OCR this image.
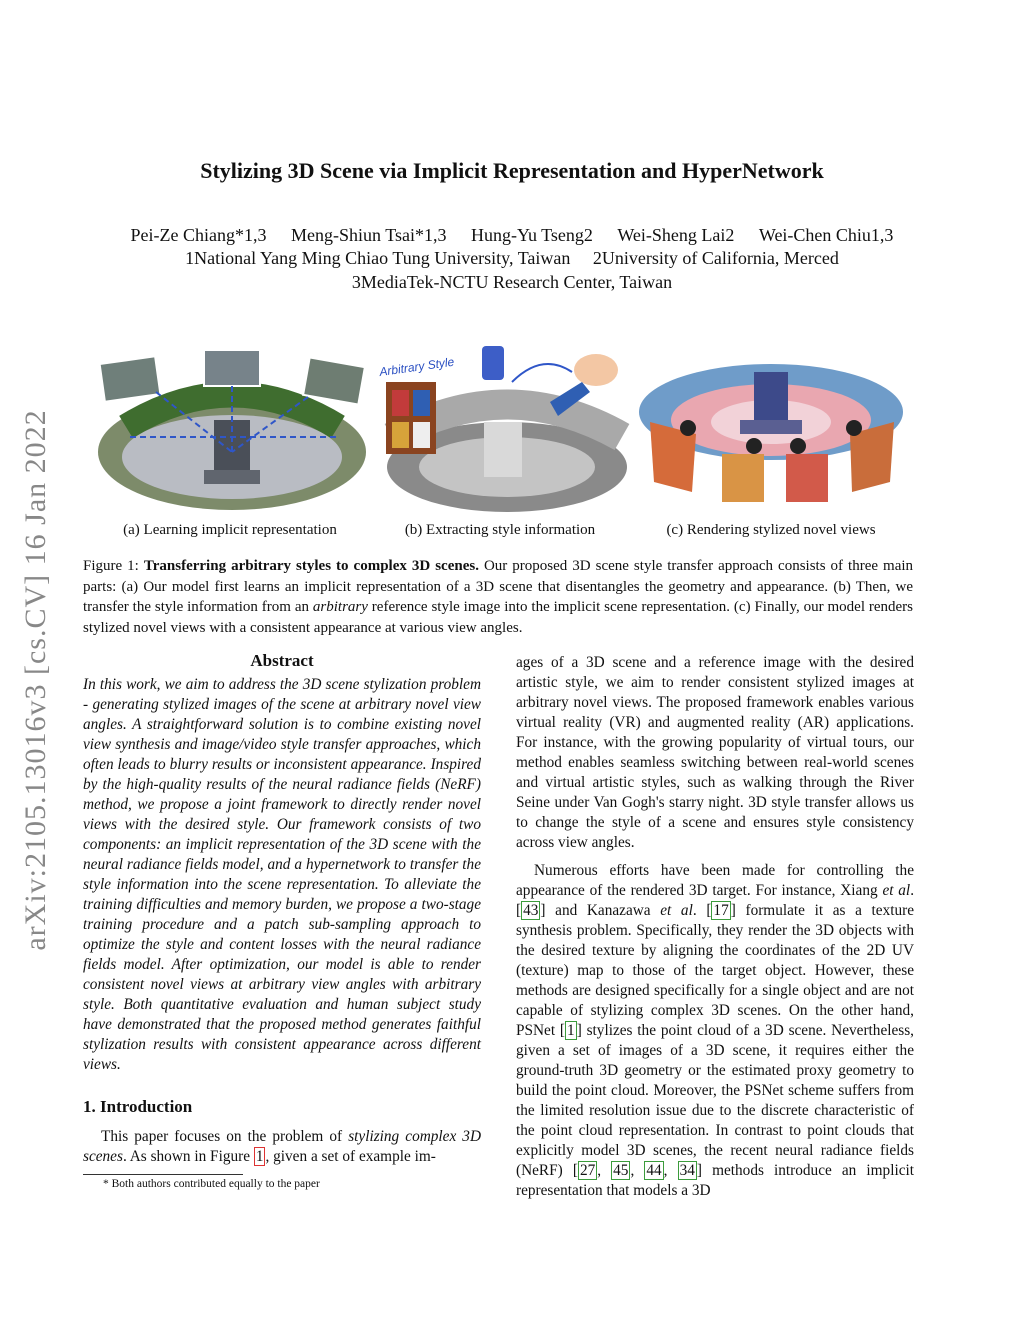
arXiv:2105.13016v3 [cs.CV] 16 Jan 2022
Stylizing 3D Scene via Implicit Representation and HyperNetwork
Pei-Ze Chiang*1,3 Meng-Shiun Tsai*1,3 Hung-Yu Tseng2 Wei-Sheng Lai2 Wei-Chen Chiu1,3
1National Yang Ming Chiao Tung University, Taiwan     2University of California, Merced
3MediaTek-NCTU Research Center, Taiwan
Arbitrary Style
(a) Learning implicit representation	(b) Extracting style information	(c) Rendering stylized novel views
Figure 1: Transferring arbitrary styles to complex 3D scenes. Our proposed 3D scene style transfer approach consists of three main parts: (a) Our model first learns an implicit representation of a 3D scene that disentangles the geometry and appearance. (b) Then, we transfer the style information from an arbitrary reference style image into the implicit scene representation. (c) Finally, our model renders stylized novel views with a consistent appearance at various view angles.
Abstract
In this work, we aim to address the 3D scene stylization problem - generating stylized images of the scene at arbitrary novel view angles. A straightforward solution is to combine existing novel view synthesis and image/video style transfer approaches, which often leads to blurry results or inconsistent appearance. Inspired by the high-quality results of the neural radiance fields (NeRF) method, we propose a joint framework to directly render novel views with the desired style. Our framework consists of two components: an implicit representation of the 3D scene with the neural radiance fields model, and a hypernetwork to transfer the style information into the scene representation. To alleviate the training difficulties and memory burden, we propose a two-stage training procedure and a patch sub-sampling approach to optimize the style and content losses with the neural radiance fields model. After optimization, our model is able to render consistent novel views at arbitrary view angles with arbitrary style. Both quantitative evaluation and human subject study have demonstrated that the proposed method generates faithful stylization results with consistent appearance across different views.
1. Introduction
This paper focuses on the problem of stylizing complex 3D scenes. As shown in Figure 1 , given a set of example im-
* Both authors contributed equally to the paper

ages of a 3D scene and a reference image with the desired artistic style, we aim to render consistent stylized images at arbitrary novel views. The proposed framework enables various virtual reality (VR) and augmented reality (AR) applications. For instance, with the growing popularity of virtual tours, our method enables seamless switching between real-world scenes and virtual artistic styles, such as walking through the River Seine under Van Gogh's starry night. 3D style transfer allows us to change the style of a scene and ensures style consistency across view angles.

Numerous efforts have been made for controlling the appearance of the rendered 3D target. For instance, Xiang et al. [ 43 ] and Kanazawa et al. [ 17 ] formulate it as a texture synthesis problem. Specifically, they render the 3D objects with the desired texture by aligning the coordinates of the 2D UV (texture) map to those of the target object. However, these methods are designed specifically for a single object and are not capable of stylizing complex 3D scenes. On the other hand, PSNet [ 1 ] stylizes the point cloud of a 3D scene. Nevertheless, given a set of images of a 3D scene, it requires either the ground-truth 3D geometry or the estimated proxy geometry to build the point cloud. Moreover, the PSNet scheme suffers from the limited resolution issue due to the discrete characteristic of the point cloud representation. In contrast to point clouds that explicitly model 3D scenes, the recent neural radiance fields (NeRF) [ 27 , 45 , 44 , 34 ] methods introduce an implicit representation that models a 3D
